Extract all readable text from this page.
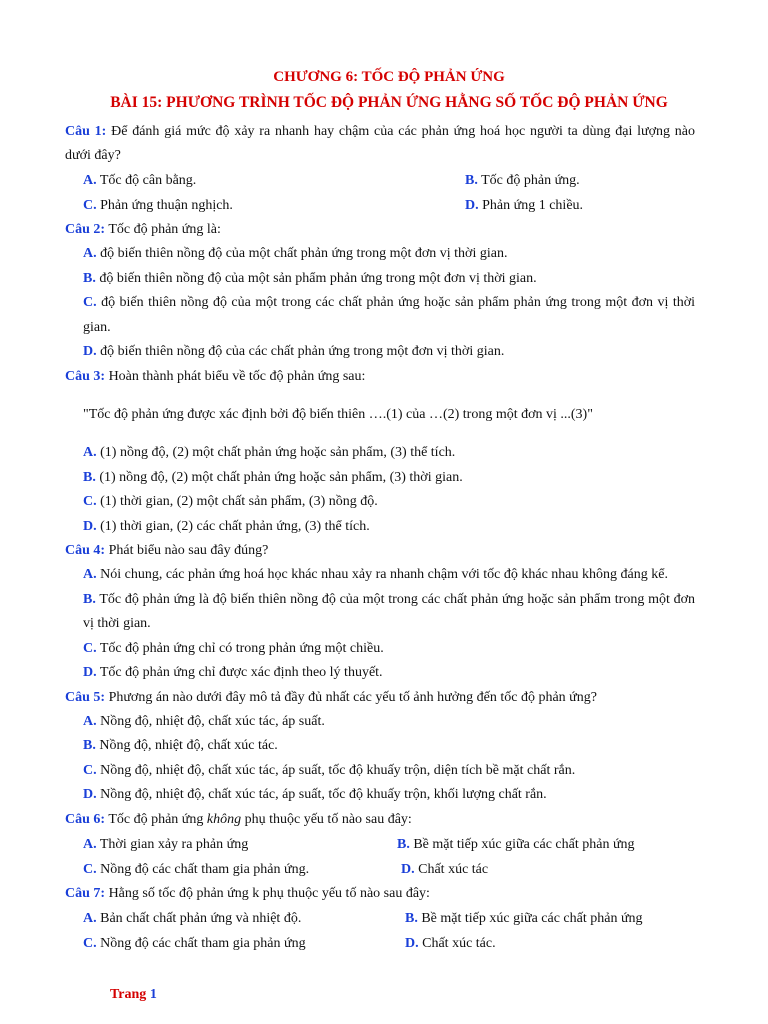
CHƯƠNG 6: TỐC ĐỘ PHẢN ỨNG
BÀI 15: PHƯƠNG TRÌNH TỐC ĐỘ PHẢN ỨNG HẰNG SỐ TỐC ĐỘ PHẢN ỨNG

Câu 1: Để đánh giá mức độ xảy ra nhanh hay chậm của các phản ứng hoá học người ta dùng đại lượng nào dưới đây?

A. Tốc độ cân bằng.	B. Tốc độ phản ứng.
C. Phản ứng thuận nghịch.	D. Phản ứng 1 chiều.

Câu 2: Tốc độ phản ứng là:

A. độ biến thiên nồng độ của một chất phản ứng trong một đơn vị thời gian.

B. độ biến thiên nồng độ của một sản phẩm phản ứng trong một đơn vị thời gian.

C. độ biến thiên nồng độ của một trong các chất phản ứng hoặc sản phẩm phản ứng trong một đơn vị thời gian.

D. độ biến thiên nồng độ của các chất phản ứng trong một đơn vị thời gian.

Câu 3: Hoàn thành phát biểu về tốc độ phản ứng sau:

"Tốc độ phản ứng được xác định bởi độ biến thiên ….(1) của …(2) trong một đơn vị ...(3)"

A. (1) nồng độ, (2) một chất phản ứng hoặc sản phẩm, (3) thể tích.

B. (1) nồng độ, (2) một chất phản ứng hoặc sản phẩm, (3) thời gian.

C. (1) thời gian, (2) một chất sản phẩm, (3) nồng độ.

D. (1) thời gian, (2) các chất phản ứng, (3) thể tích.

Câu 4: Phát biểu nào sau đây đúng?

A. Nói chung, các phản ứng hoá học khác nhau xảy ra nhanh chậm với tốc độ khác nhau không đáng kể.

B. Tốc độ phản ứng là độ biến thiên nồng độ của một trong các chất phản ứng hoặc sản phẩm trong một đơn vị thời gian.

C. Tốc độ phản ứng chỉ có trong phản ứng một chiều.

D. Tốc độ phản ứng chỉ được xác định theo lý thuyết.

Câu 5: Phương án nào dưới đây mô tả đầy đủ nhất các yếu tố ảnh hưởng đến tốc độ phản ứng?

A. Nồng độ, nhiệt độ, chất xúc tác, áp suất.

B. Nồng độ, nhiệt độ, chất xúc tác.

C. Nồng độ, nhiệt độ, chất xúc tác, áp suất, tốc độ khuấy trộn, diện tích bề mặt chất rắn.

D. Nồng độ, nhiệt độ, chất xúc tác, áp suất, tốc độ khuấy trộn, khối lượng chất rắn.

Câu 6: Tốc độ phản ứng không phụ thuộc yếu tố nào sau đây:

A. Thời gian xảy ra phản ứng	B. Bề mặt tiếp xúc giữa các chất phản ứng
C. Nồng độ các chất tham gia phản ứng.	D. Chất xúc tác

Câu 7: Hằng số tốc độ phản ứng k phụ thuộc yếu tố nào sau đây:

A. Bản chất chất phản ứng và nhiệt độ.	B. Bề mặt tiếp xúc giữa các chất phản ứng
C. Nồng độ các chất tham gia phản ứng	D. Chất xúc tác.
Trang 1
